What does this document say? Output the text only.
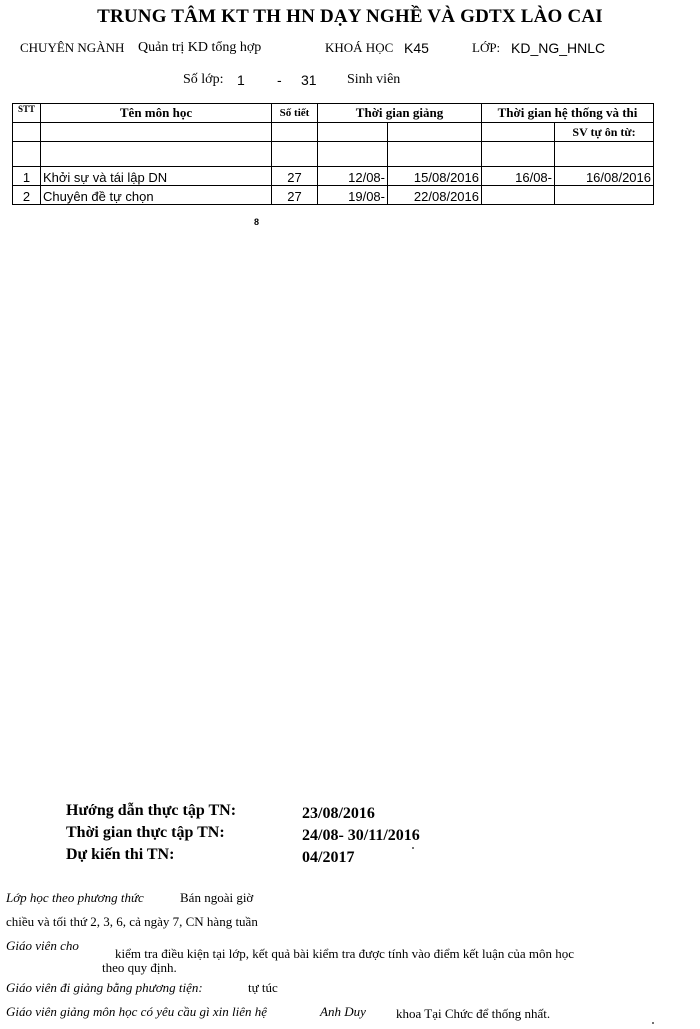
TRUNG TÂM KT TH HN DẠY NGHỀ VÀ GDTX LÀO CAI
CHUYÊN NGÀNH Quản trị KD tổng hợp	KHOÁ HỌC K45	LỚP: KD_NG_HNLC
Số lớp: 1 - 31 Sinh viên
STT	Tên môn học	Số tiết	Thời gian giảng		Thời gian hệ thống và thi	
						SV tự ôn từ:

1	Khởi sự và tái lập DN	27	12/08-	15/08/2016	16/08-	16/08/2016
2	Chuyên đề tự chọn	27	19/08-	22/08/2016		
8
Hướng dẫn thực tập TN:	23/08/2016
Thời gian thực tập TN:	24/08- 30/11/2016
Dự kiến thi TN:	04/2017
Lớp học theo phương thức	Bán ngoài giờ
chiều và tối thứ 2, 3, 6, cả ngày 7, CN hàng tuần
Giáo viên cho
kiểm tra điều kiện tại lớp, kết quả bài kiểm tra được tính vào điểm kết luận của môn học
theo quy định.
Giáo viên đi giảng bằng phương tiện:	tự túc
Giáo viên giảng môn học có yêu cầu gì xin liên hệ	Anh Duy khoa Tại Chức để thống nhất.
